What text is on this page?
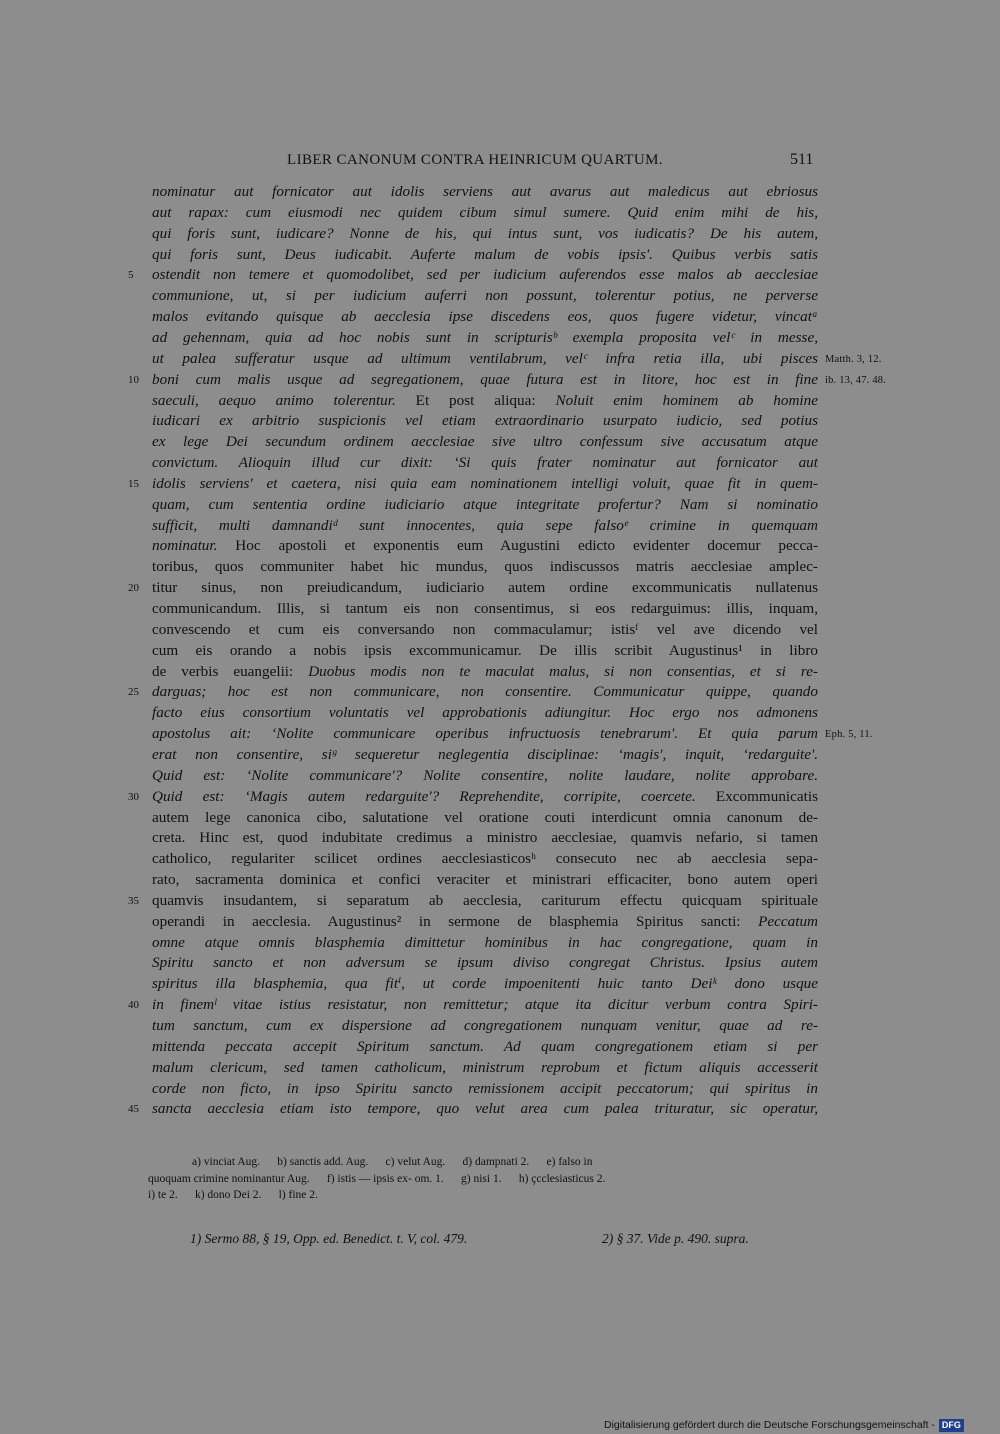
LIBER CANONUM CONTRA HEINRICUM QUARTUM.	511
nominatur aut fornicator aut idolis serviens aut avarus aut maledicus aut ebriosus
aut rapax: cum eiusmodi nec quidem cibum simul sumere. Quid enim mihi de his,
qui foris sunt, iudicare? Nonne de his, qui intus sunt, vos iudicatis? De his autem,
qui foris sunt, Deus iudicabit. Auferte malum de vobis ipsis'. Quibus verbis satis
ostendit non temere et quomodolibet, sed per iudicium auferendos esse malos ab aecclesiae
5
communione, ut, si per iudicium auferri non possunt, tolerentur potius, ne perverse
malos evitando quisque ab aecclesia ipse discedens eos, quos fugere videtur, vincatᵃ
ad gehennam, quia ad hoc nobis sunt in scripturisᵇ exempla proposita velᶜ in messe,
ut palea sufferatur usque ad ultimum ventilabrum, velᶜ infra retia illa, ubi pisces Matth. 3, 12.
boni cum malis usque ad segregationem, quae futura est in litore, hoc est in fine
10	ib. 13, 47. 48.
saeculi, aequo animo tolerentur. Et post aliqua: Noluit enim hominem ab homine
iudicari ex arbitrio suspicionis vel etiam extraordinario usurpato iudicio, sed potius
ex lege Dei secundum ordinem aecclesiae sive ultro confessum sive accusatum atque
convictum. Alioquin illud cur dixit: ‘Si quis frater nominatur aut fornicator aut
idolis serviens' et caetera, nisi quia eam nominationem intelligi voluit, quae fit in quem-
15
quam, cum sententia ordine iudiciario atque integritate profertur? Nam si nominatio
sufficit, multi damnandiᵈ sunt innocentes, quia sepe falsoᵉ crimine in quemquam
nominatur. Hoc apostoli et exponentis eum Augustini edicto evidenter docemur pecca-
toribus, quos communiter habet hic mundus, quos indiscussos matris aecclesiae amplec-
titur sinus, non preiudicandum, iudiciario autem ordine excommunicatis nullatenus
20
communicandum. Illis, si tantum eis non consentimus, si eos redarguimus: illis, inquam,
convescendo et cum eis conversando non commaculamur; istisᶠ vel ave dicendo vel
cum eis orando a nobis ipsis excommunicamur. De illis scribit Augustinus¹ in libro
de verbis euangelii: Duobus modis non te maculat malus, si non consentias, et si re-
darguas; hoc est non communicare, non consentire. Communicatur quippe, quando
25
facto eius consortium voluntatis vel approbationis adiungitur. Hoc ergo nos admonens
apostolus ait: ‘Nolite communicare operibus infructuosis tenebrarum'. Et quia parum Eph. 5, 11.
erat non consentire, siᵍ sequeretur neglegentia disciplinae: ‘magis', inquit, ‘redarguite'.
Quid est: ‘Nolite communicare'? Nolite consentire, nolite laudare, nolite approbare.
Quid est: ‘Magis autem redarguite'? Reprehendite, corripite, coercete. Excommunicatis
30
autem lege canonica cibo, salutatione vel oratione couti interdicunt omnia canonum de-
creta. Hinc est, quod indubitate credimus a ministro aecclesiae, quamvis nefario, si tamen
catholico, regulariter scilicet ordines aecclesiasticosʰ consecuto nec ab aecclesia sepa-
rato, sacramenta dominica et confici veraciter et ministrari efficaciter, bono autem operi
quamvis insudantem, si separatum ab aecclesia, cariturum effectu quicquam spirituale
35
operandi in aecclesia. Augustinus² in sermone de blasphemia Spiritus sancti: Peccatum
omne atque omnis blasphemia dimittetur hominibus in hac congregatione, quam in
Spiritu sancto et non adversum se ipsum diviso congregat Christus. Ipsius autem
spiritus illa blasphemia, qua fitⁱ, ut corde impoenitenti huic tanto Deiᵏ dono usque
in finemˡ vitae istius resistatur, non remittetur; atque ita dicitur verbum contra Spiri-
40
tum sanctum, cum ex dispersione ad congregationem nunquam venitur, quae ad re-
mittenda peccata accepit Spiritum sanctum. Ad quam congregationem etiam si per
malum clericum, sed tamen catholicum, ministrum reprobum et fictum aliquis accesserit
corde non ficto, in ipso Spiritu sancto remissionem accipit peccatorum; qui spiritus in
sancta aecclesia etiam isto tempore, quo velut area cum palea trituratur, sic operatur,
45
a) vinciat Aug.      b) sanctis add. Aug.      c) velut Aug.      d) dampnati 2.      e) falso in
quoquam crimine nominantur Aug.      f) istis — ipsis ex- om. 1.      g) nisi 1.      h) çcclesiasticus 2.
i) te 2.      k) dono Dei 2.      l) fine 2.
1) Sermo 88, § 19, Opp. ed. Benedict. t. V, col. 479.	2) § 37. Vide p. 490. supra.
Digitalisierung gefördert durch die Deutsche Forschungsgemeinschaft - DFG
